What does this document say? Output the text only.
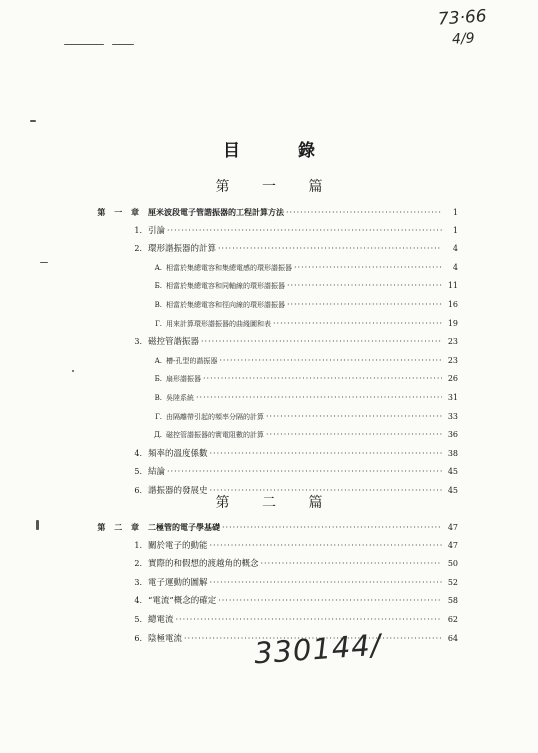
73·66
4/9
目 錄
第 一 篇
第 一 章 厘米波段電子管諧振器的工程計算方法 ·····	1
1. 引論 ·····	1
2. 環形諧振器的計算 ·····	4
A. 相當於集總電容和集總電感的環形諧振器 ·····	4
Б. 相當於集總電容和同軸線的環形諧振器 ·····	11
B. 相當於集總電容和徑向線的環形諧振器 ·····	16
Г. 用來計算環形諧振器的曲綫圖和表 ·····	19
3. 磁控管諧振器 ·····	23
A. 槽-孔型的諧振器 ·····	23
Б. 扇形諧振器 ·····	26
B. 吳陸系統 ·····	31
Г. 由隔離帶引起的頻率分隔的計算 ·····	33
Д. 磁控管諧振器的實電阻數的計算 ·····	36
4. 頻率的溫度係數 ·····	38
5. 結論 ·····	45
6. 諧振器的發展史 ·····	45
第 二 篇
第 二 章 二極管的電子學基礎 ·····	47
1. 關於電子的動能 ·····	47
2. 實際的和假想的渡越角的概念 ·····	50
3. 電子運動的圖解 ·····	52
4. “電流”概念的確定 ·····	58
5. 總電流 ·····	62
6. 陰極電流 ·····	64
330144/
